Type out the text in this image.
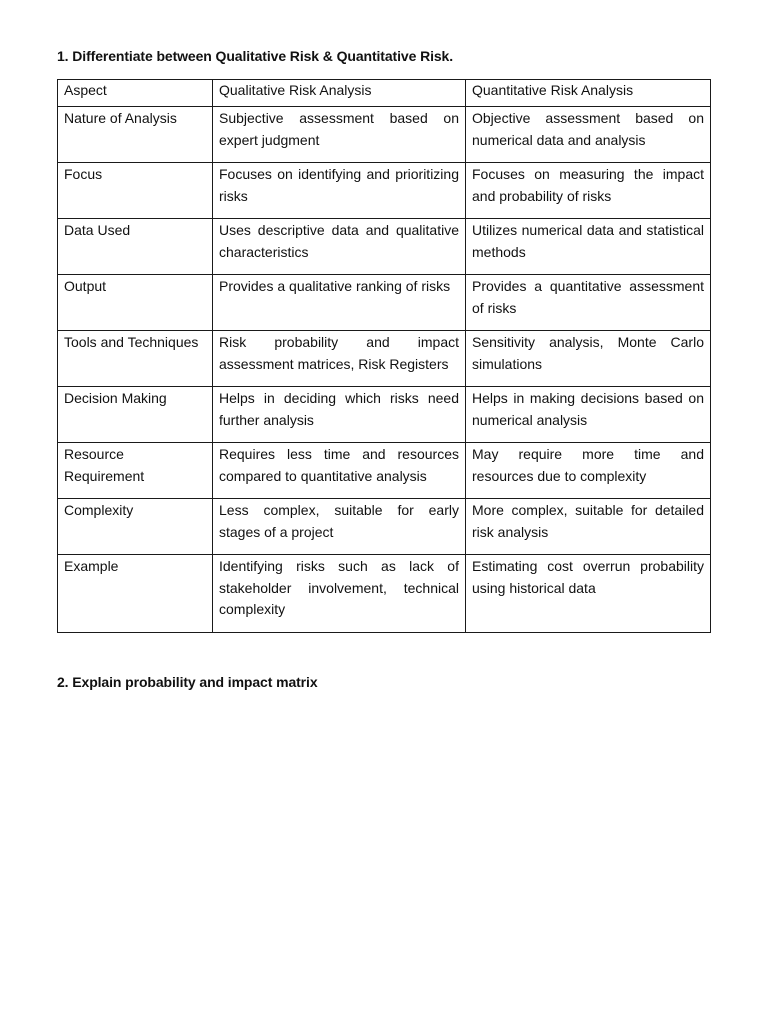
1. Differentiate between Qualitative Risk & Quantitative Risk.
Aspect	Qualitative Risk Analysis	Quantitative Risk Analysis
Nature of Analysis	Subjective assessment based on expert judgment	Objective assessment based on numerical data and analysis
Focus	Focuses on identifying and prioritizing risks	Focuses on measuring the impact and probability of risks
Data Used	Uses descriptive data and qualitative characteristics	Utilizes numerical data and statistical methods
Output	Provides a qualitative ranking of risks	Provides a quantitative assessment of risks
Tools and Techniques	Risk probability and impact assessment matrices, Risk Registers	Sensitivity analysis, Monte Carlo simulations
Decision Making	Helps in deciding which risks need further analysis	Helps in making decisions based on numerical analysis
Resource Requirement	Requires less time and resources compared to quantitative analysis	May require more time and resources due to complexity
Complexity	Less complex, suitable for early stages of a project	More complex, suitable for detailed risk analysis
Example	Identifying risks such as lack of stakeholder involvement, technical complexity	Estimating cost overrun probability using historical data
2. Explain probability and impact matrix
